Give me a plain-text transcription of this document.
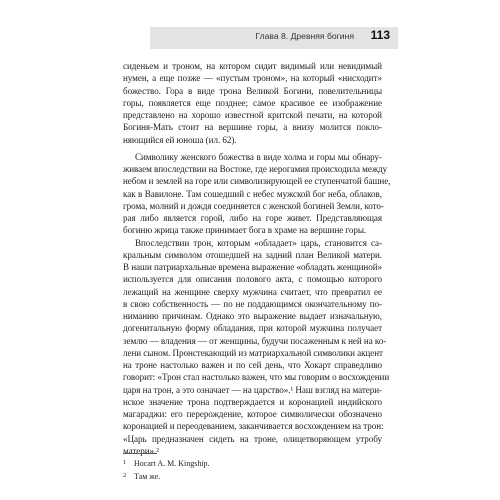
Глава 8. Древняя богиня 113

сиденьем и троном, на котором сидит видимый или невидимый
нумен, а еще позже — «пустым троном», на который «нисходит»
божество. Гора в виде трона Великой Богини, повелительницы
горы, появляется еще позднее; самое красивое ее изображение
представлено на хорошо известной критской печати, на которой
Богиня-Мать стоит на вершине горы, а внизу молится покло-
няющийся ей юноша (ил. 62).

Символику женского божества в виде холма и горы мы обнару-
живаем впоследствии на Востоке, где иерогамия происходила между
небом и землей на горе или символизирующей ее ступенчатой башне,
как в Вавилоне. Там сошедший с небес мужской бог неба, облаков,
грома, молний и дождя соединяется с женской богиней Земли, кото-
рая либо является горой, либо на горе живет. Представляющая
богиню жрица также принимает бога в храме на вершине горы.

Впоследствии трон, которым «обладает» царь, становится са-
кральным символом отошедшей на задний план Великой матери.
В наши патриархальные времена выражение «обладать женщиной»
используется для описания полового акта, с помощью которого
лежащий на женщине сверху мужчина считает, что превратил ее
в свою собственность — по не поддающимся окончательному по-
ниманию причинам. Однако это выражение выдает изначальную,
догенитальную форму обладания, при которой мужчина получает
землю — владения — от женщины, будучи посаженным к ней на ко-
лени сыном. Пронстекающий из матриархальной символики акцент
на троне настолько важен и по сей день, что Хокарт справедливо
говорит: «Трон стал настолько важен, что мы говорим о восхождении
царя на трон, а это означает — на царство».¹ Наш взгляд на матери-
нское значение трона подтверждается и коронацией индийского
магараджи: его перерождение, которое символически обозначено
коронацией и переодеванием, заканчивается восхождением на трон:
«Царь предназначен сидеть на троне, олицетворяющем утробу
матери».²

1 Hocart A. M. Kingship.
2 Там же.
